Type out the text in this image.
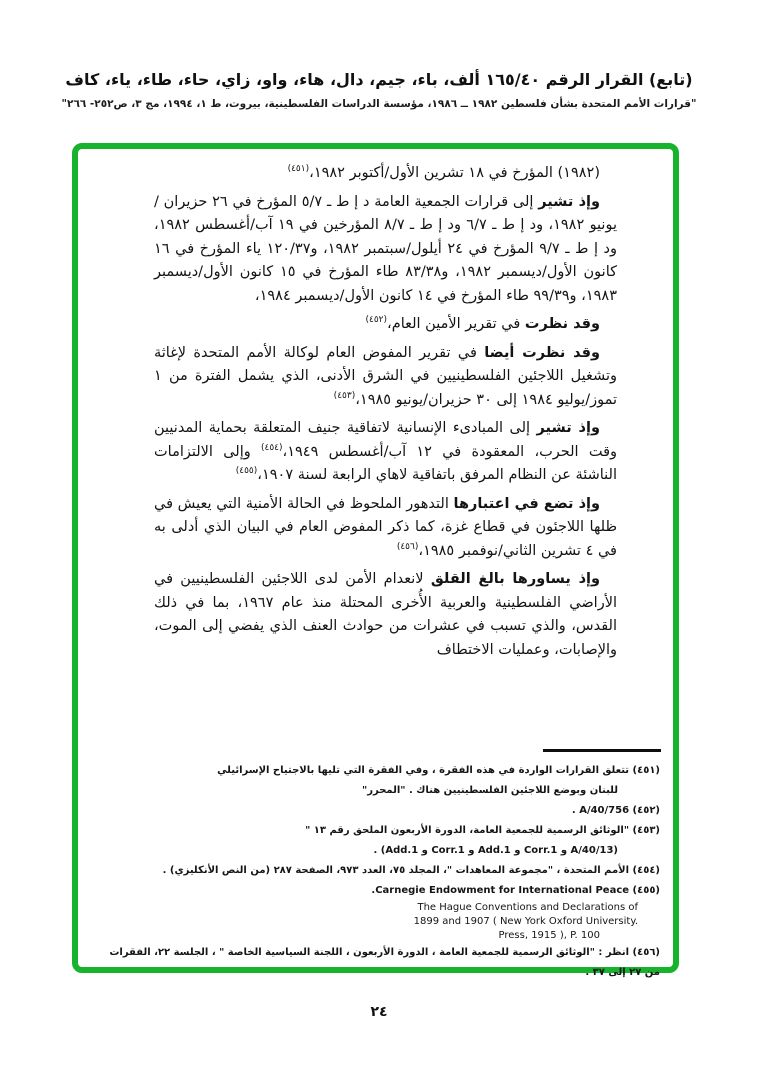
(تابع) القرار الرقم ١٦٥/٤٠ ألف، باء، جيم، دال، هاء، واو، زاي، حاء، طاء، ياء، كاف
"قرارات الأمم المتحدة بشأن فلسطين ١٩٨٢ ــ ١٩٨٦، مؤسسة الدراسات الفلسطينية، بيروت، ط ١، ١٩٩٤، مج ٣، ص٢٥٢- ٢٦٦"
(١٩٨٢) المؤرخ في ١٨ تشرين الأول/أكتوبر ١٩٨٢،$^{(٤٥١)}$
وإذ تشير إلى قرارات الجمعية العامة د إ ط ـ ٥/٧ المؤرخ في ٢٦ حزيران /يونيو ١٩٨٢، ود إ ط ـ ٦/٧ ود إ ط ـ ٨/٧ المؤرخين في ١٩ آب/أغسطس ١٩٨٢، ود إ ط ـ ٩/٧ المؤرخ في ٢٤ أيلول/سبتمبر ١٩٨٢، و١٢٠/٣٧ ياء المؤرخ في ١٦ كانون الأول/ديسمبر ١٩٨٢، و٨٣/٣٨ طاء المؤرخ في ١٥ كانون الأول/ديسمبر ١٩٨٣، و٩٩/٣٩ طاء المؤرخ في ١٤ كانون الأول/ديسمبر ١٩٨٤،
وقد نظرت في تقرير الأمين العام،$^{(٤٥٢)}$
وقد نظرت أيضا في تقرير المفوض العام لوكالة الأمم المتحدة لإغاثة وتشغيل اللاجئين الفلسطينيين في الشرق الأدنى، الذي يشمل الفترة من ١ تموز/يوليو ١٩٨٤ إلى ٣٠ حزيران/يونيو ١٩٨٥،$^{(٤٥٣)}$
وإذ تشير إلى المبادىء الإنسانية لاتفاقية جنيف المتعلقة بحماية المدنيين وقت الحرب، المعقودة في ١٢ آب/أغسطس ١٩٤٩،$^{(٤٥٤)}$ وإلى الالتزامات الناشئة عن النظام المرفق باتفاقية لاهاي الرابعة لسنة ١٩٠٧،$^{(٤٥٥)}$
وإذ تضع في اعتبارها التدهور الملحوظ في الحالة الأمنية التي يعيش في ظلها اللاجئون في قطاع غزة، كما ذكر المفوض العام في البيان الذي أدلى به في ٤ تشرين الثاني/نوفمبر ١٩٨٥،$^{(٤٥٦)}$
وإذ يساورها بالغ القلق لانعدام الأمن لدى اللاجئين الفلسطينيين في الأراضي الفلسطينية والعربية الأُخرى المحتلة منذ عام ١٩٦٧، بما في ذلك القدس، والذي تسبب في عشرات من حوادث العنف الذي يفضي إلى الموت، والإصابات، وعمليات الاختطاف
(٤٥١) تتعلق القرارات الواردة في هذه الفقرة ، وفي الفقرة التي تليها بالاجتياح الإسرائيلي
للبنان وبوضع اللاجئين الفلسطينيين هناك . "المحرر"
(٤٥٢) A/40/756 .
(٤٥٣) "الوثائق الرسمية للجمعية العامة، الدورة الأربعون الملحق رقم ١٣ "
(A/40/13 و Corr.1 و Add.1 و Corr.1 و Add.1) .
(٤٥٤) الأمم المتحدة ، "مجموعة المعاهدات "، المجلد ٧٥، العدد ٩٧٣، الصفحة ٢٨٧ (من النص الأنكليزي) .
(٤٥٥) Carnegie Endowment for International Peace.
The Hague Conventions and Declarations of
1899 and 1907 ( New York Oxford University.
Press, 1915 ), P. 100
(٤٥٦) انظر : "الوثائق الرسمية للجمعية العامة ، الدورة الأربعون ، اللجنة السياسية الخاصة " ، الجلسة ٢٢، الفقرات من ٢٧ إلى ٣٧ .
٢٤
